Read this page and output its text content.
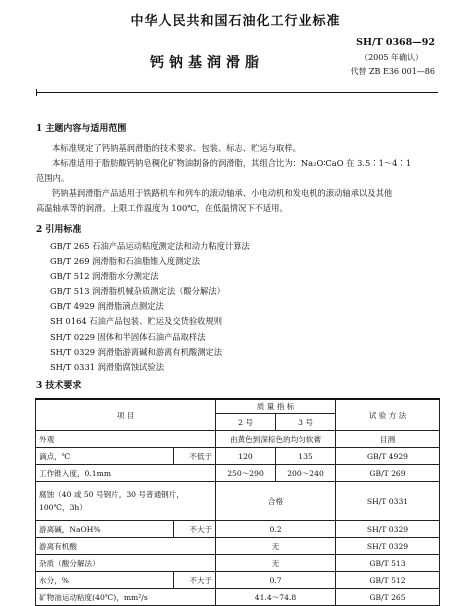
中华人民共和国石油化工行业标准
SH/T 0368—92
钙钠基润滑脂	（2005 年确认）
代替 ZB E36 001—86
1 主题内容与适用范围
本标准规定了钙钠基润滑脂的技术要求、包装、标志、贮运与取样。
本标准适用于脂肪酸钙钠皂稠化矿物油制备的润滑脂，其组合比为：Na₂O∶CaO 在 3.5∶1～4∶1
范围内。
钙钠基润滑脂产品适用于铁路机车和列车的滚动轴承、小电动机和发电机的滚动轴承以及其他
高温轴承等的润滑。上限工作温度为 100℃，在低温情况下不适用。
2 引用标准
GB/T 265 石油产品运动粘度测定法和动力粘度计算法
GB/T 269 润滑脂和石油脂锥入度测定法
GB/T 512 润滑脂水分测定法
GB/T 513 润滑脂机械杂质测定法（酸分解法）
GB/T 4929 润滑脂滴点测定法
SH 0164 石油产品包装、贮运及交货验收规则
SH/T 0229 固体和半固体石油产品取样法
SH/T 0329 润滑脂游离碱和游离有机酸测定法
SH/T 0331 润滑脂腐蚀试验法
3 技术要求
项 目		质 量 指 标		试 验 方 法
		2 号	3 号	
外观		由黄色到深棕色的均匀软膏		目测
滴点，℃	不低于	120	135	GB/T 4929
工作锥入度，0.1mm		250～290	200～240	GB/T 269
腐蚀（40 或 50 号钢片，30 号普通钢片，100℃，3h）		合格		SH/T 0331
游离碱，NaOH%	不大于	0.2		SH/T 0329
游离有机酸		无		SH/T 0329
杂质（酸分解法）		无		GB/T 513
水分，%	不大于	0.7		GB/T 512
矿物油运动粘度(40℃)，mm²/s		41.4～74.8		GB/T 265
